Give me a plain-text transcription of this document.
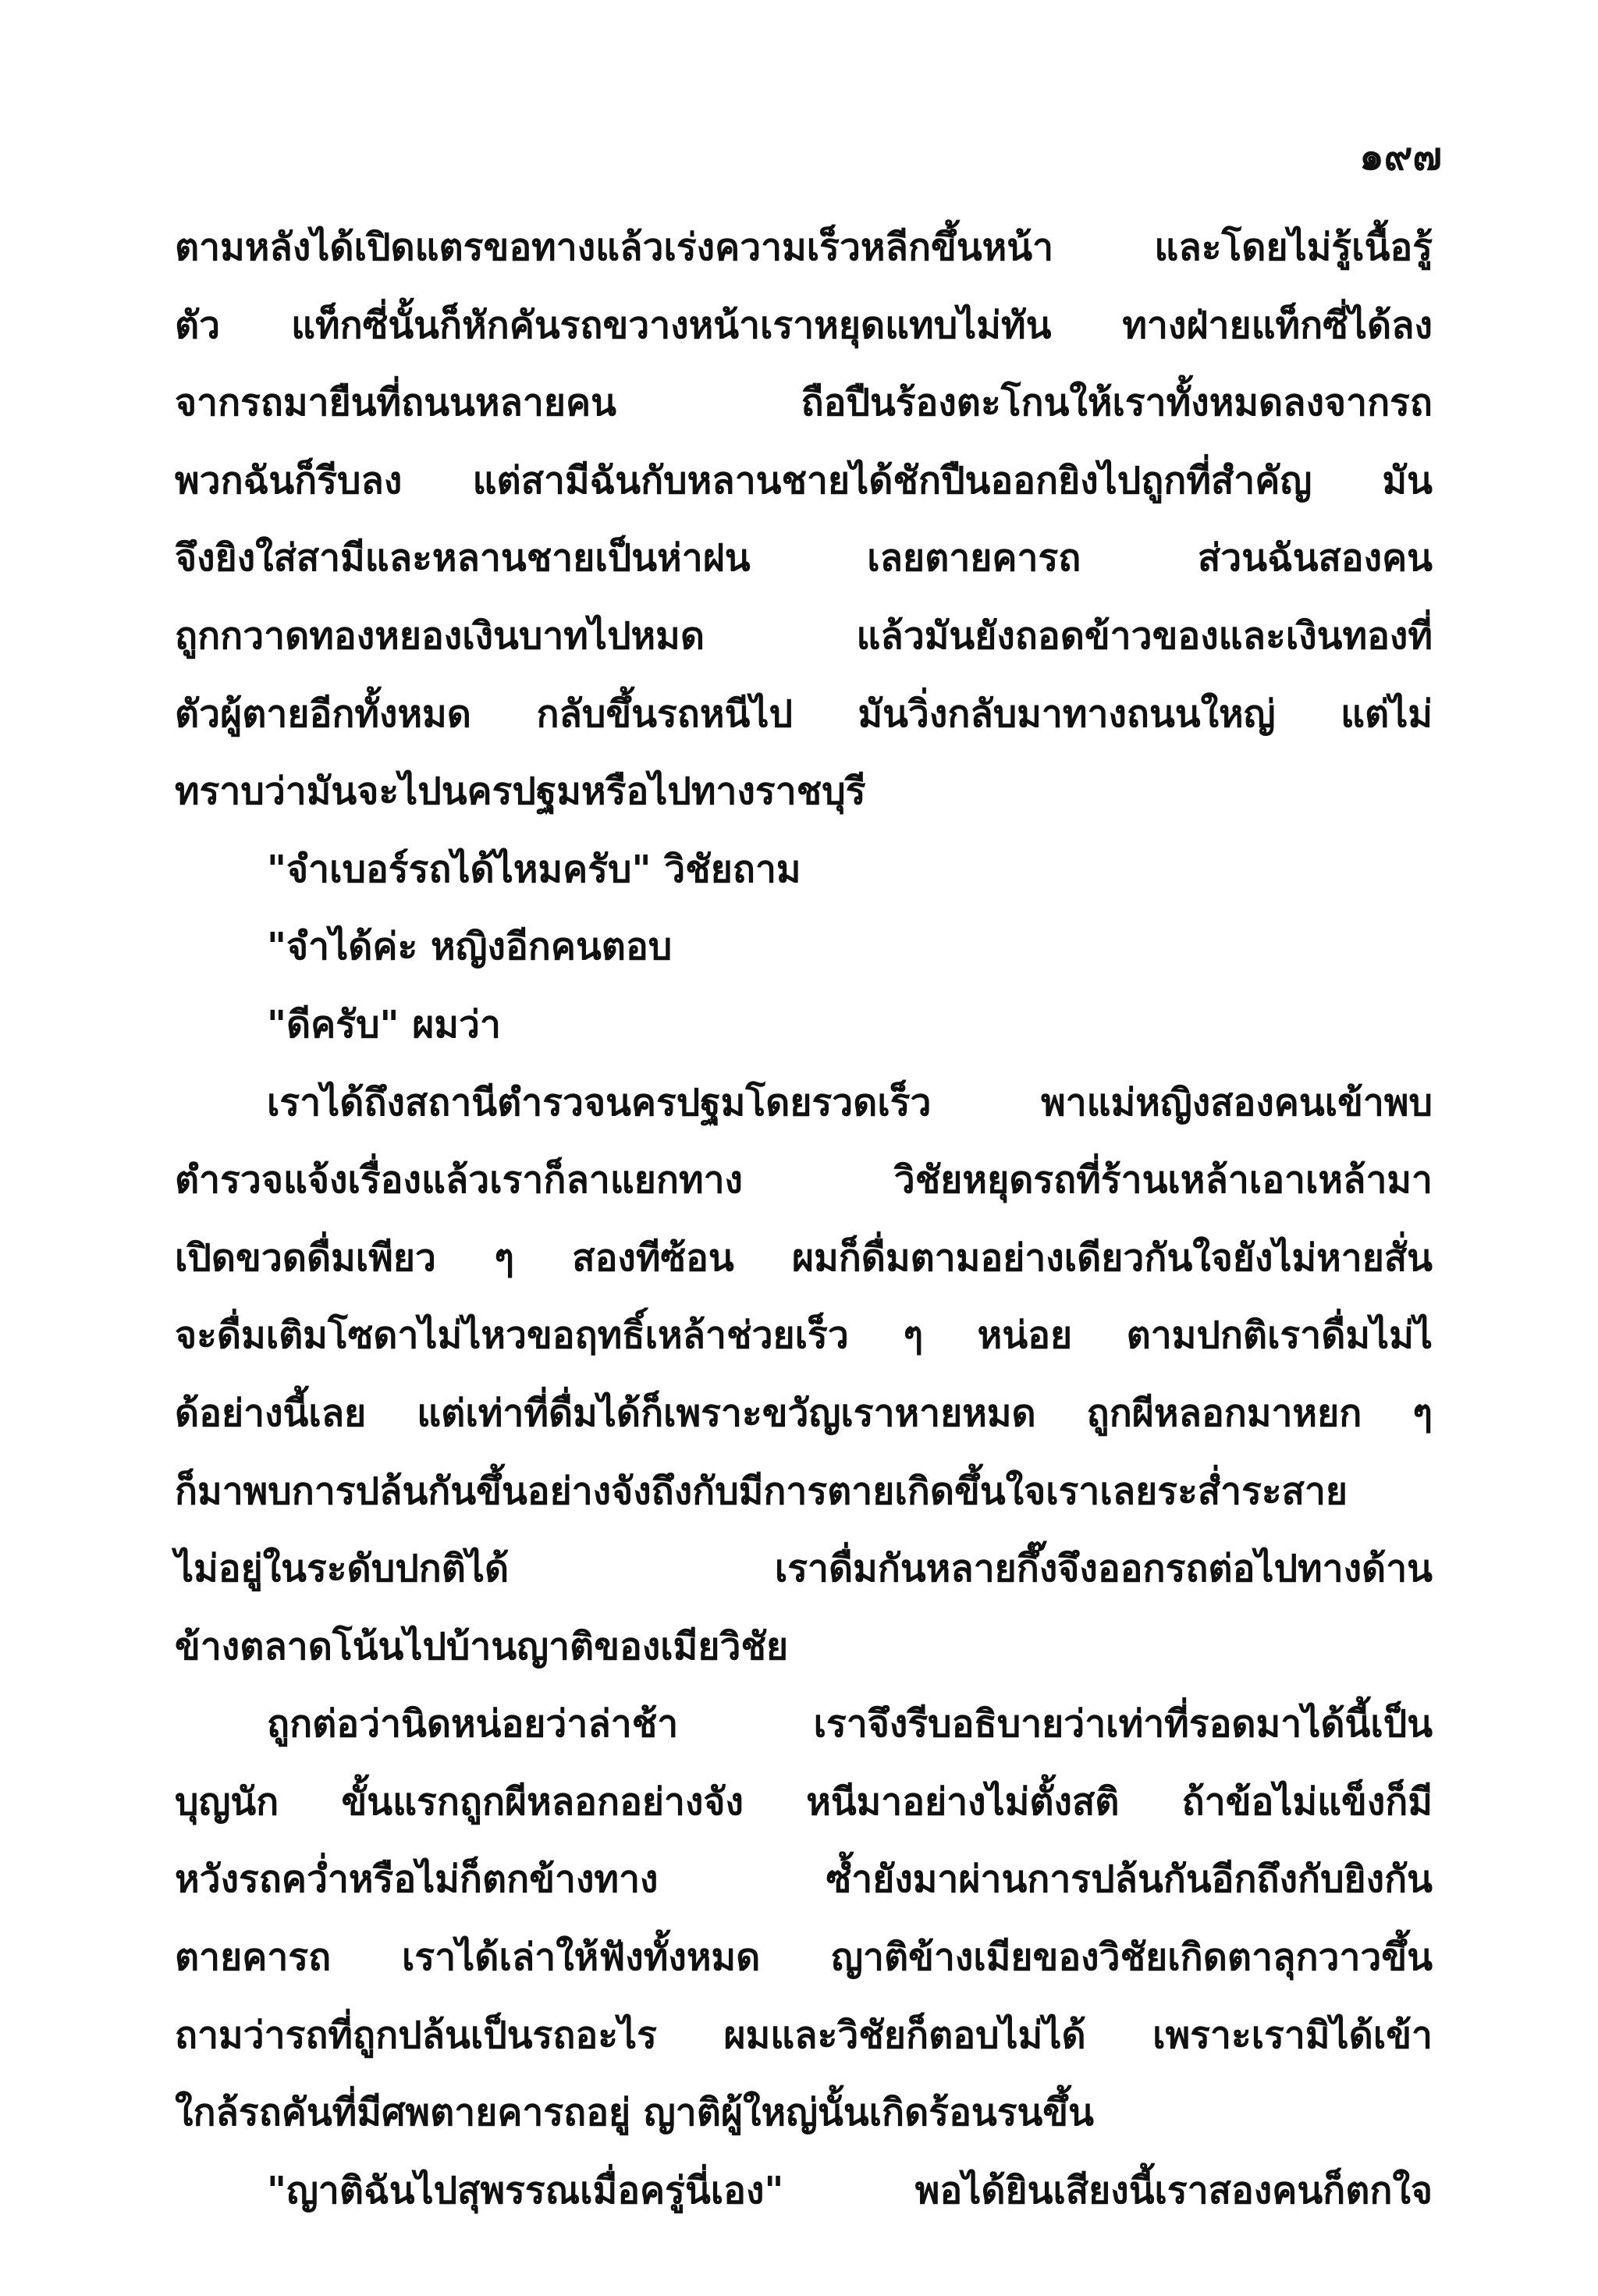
๑๙๗
ตามหลังได้เปิดแตรขอทางแล้วเร่งความเร็วหลีกขึ้นหน้า	และโดยไม่รู้เนื้อรู้
ตัว แท็กซี่นั้นก็หักคันรถขวางหน้าเราหยุดแทบไม่ทัน ทางฝ่ายแท็กซี่ได้ลง
จากรถมายืนที่ถนนหลายคน	ถือปืนร้องตะโกนให้เราทั้งหมดลงจากรถ
พวกฉันก็รีบลง แต่สามีฉันกับหลานชายได้ชักปืนออกยิงไปถูกที่สำคัญ มัน
จึงยิงใส่สามีและหลานชายเป็นห่าฝน	เลยตายคารถ	ส่วนฉันสองคน
ถูกกวาดทองหยองเงินบาทไปหมด	แล้วมันยังถอดข้าวของและเงินทองที่
ตัวผู้ตายอีกทั้งหมด กลับขึ้นรถหนีไป มันวิ่งกลับมาทางถนนใหญ่ แต่ไม่
ทราบว่ามันจะไปนครปฐมหรือไปทางราชบุรี
"จำเบอร์รถได้ไหมครับ" วิชัยถาม
"จำได้ค่ะ หญิงอีกคนตอบ
"ดีครับ" ผมว่า
เราได้ถึงสถานีตำรวจนครปฐมโดยรวดเร็ว	พาแม่หญิงสองคนเข้าพบ
ตำรวจแจ้งเรื่องแล้วเราก็ลาแยกทาง	วิชัยหยุดรถที่ร้านเหล้าเอาเหล้ามา
เปิดขวดดื่มเพียว ๆ สองทีซ้อน ผมก็ดื่มตามอย่างเดียวกันใจยังไม่หายสั่น
จะดื่มเติมโซดาไม่ไหวขอฤทธิ์เหล้าช่วยเร็ว ๆ หน่อย ตามปกติเราดื่มไม่ไ
ด้อย่างนี้เลย แต่เท่าที่ดื่มได้ก็เพราะขวัญเราหายหมด ถูกผีหลอกมาหยก ๆ
ก็มาพบการปล้นกันขึ้นอย่างจังถึงกับมีการตายเกิดขึ้นใจเราเลยระส่ำระสาย
ไม่อยู่ในระดับปกติได้	เราดื่มกันหลายกึ๊งจึงออกรถต่อไปทางด้าน
ข้างตลาดโน้นไปบ้านญาติของเมียวิชัย
ถูกต่อว่านิดหน่อยว่าล่าช้า	เราจึงรีบอธิบายว่าเท่าที่รอดมาได้นี้เป็น
บุญนัก ขั้นแรกถูกผีหลอกอย่างจัง หนีมาอย่างไม่ตั้งสติ ถ้าข้อไม่แข็งก็มี
หวังรถคว่ำหรือไม่ก็ตกข้างทาง	ซ้ำยังมาผ่านการปล้นกันอีกถึงกับยิงกัน
ตายคารถ เราได้เล่าให้ฟังทั้งหมด ญาติข้างเมียของวิชัยเกิดตาลุกวาวขึ้น
ถามว่ารถที่ถูกปล้นเป็นรถอะไร ผมและวิชัยก็ตอบไม่ได้ เพราะเรามิได้เข้า
ใกล้รถคันที่มีศพตายคารถอยู่ ญาติผู้ใหญ่นั้นเกิดร้อนรนขึ้น
"ญาติฉันไปสุพรรณเมื่อครู่นี่เอง"	พอได้ยินเสียงนี้เราสองคนก็ตกใจ
